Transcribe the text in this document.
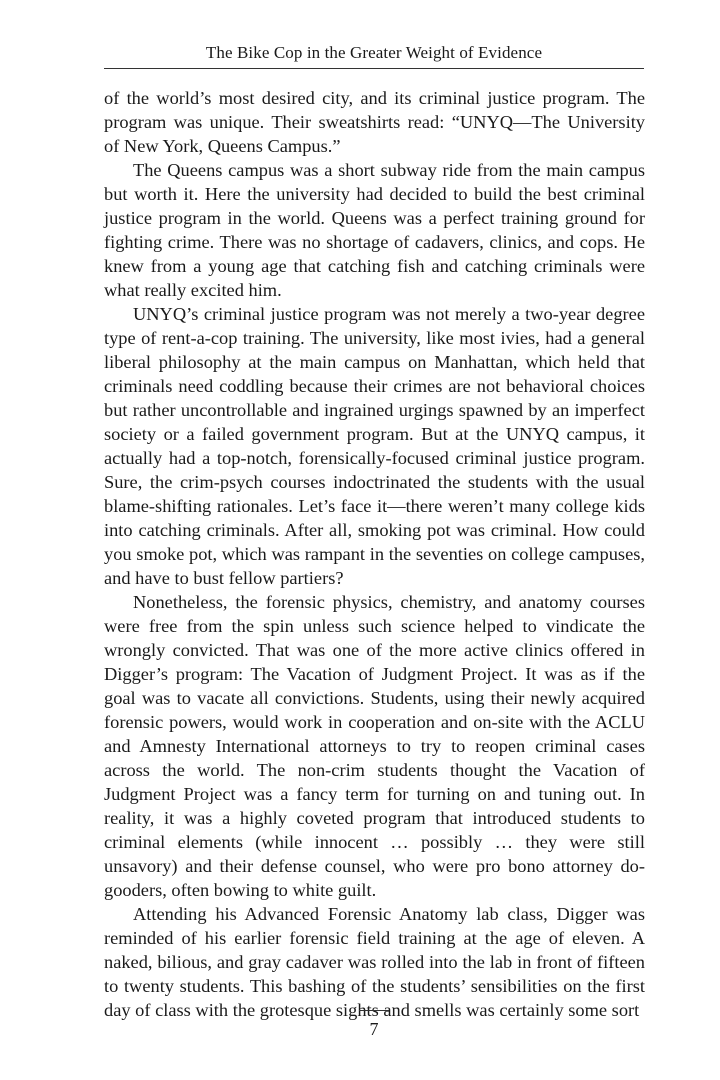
The Bike Cop in the Greater Weight of Evidence

of the world’s most desired city, and its criminal justice program. The program was unique. Their sweatshirts read: “UNYQ—The University of New York, Queens Campus.”

The Queens campus was a short subway ride from the main campus but worth it. Here the university had decided to build the best criminal justice program in the world. Queens was a perfect training ground for fighting crime. There was no shortage of cadavers, clinics, and cops. He knew from a young age that catching fish and catching criminals were what really excited him.

UNYQ’s criminal justice program was not merely a two-year degree type of rent-a-cop training. The university, like most ivies, had a general liberal philosophy at the main campus on Manhattan, which held that criminals need coddling because their crimes are not behavioral choices but rather uncontrollable and ingrained urgings spawned by an imperfect society or a failed government program. But at the UNYQ campus, it actually had a top-notch, forensically-focused criminal justice program. Sure, the crim-psych courses indoctrinated the students with the usual blame-shifting rationales. Let’s face it—there weren’t many college kids into catching criminals. After all, smoking pot was criminal. How could you smoke pot, which was rampant in the seventies on college campuses, and have to bust fellow partiers?

Nonetheless, the forensic physics, chemistry, and anatomy courses were free from the spin unless such science helped to vindicate the wrongly convicted. That was one of the more active clinics offered in Digger’s program: The Vacation of Judgment Project. It was as if the goal was to vacate all convictions. Students, using their newly acquired forensic powers, would work in cooperation and on-site with the ACLU and Amnesty International attorneys to try to reopen criminal cases across the world. The non-crim students thought the Vacation of Judgment Project was a fancy term for turning on and tuning out. In reality, it was a highly coveted program that introduced students to criminal elements (while innocent … possibly … they were still unsavory) and their defense counsel, who were pro bono attorney do-gooders, often bowing to white guilt.

Attending his Advanced Forensic Anatomy lab class, Digger was reminded of his earlier forensic field training at the age of eleven. A naked, bilious, and gray cadaver was rolled into the lab in front of fifteen to twenty students. This bashing of the students’ sensibilities on the first day of class with the grotesque sights and smells was certainly some sort

7
